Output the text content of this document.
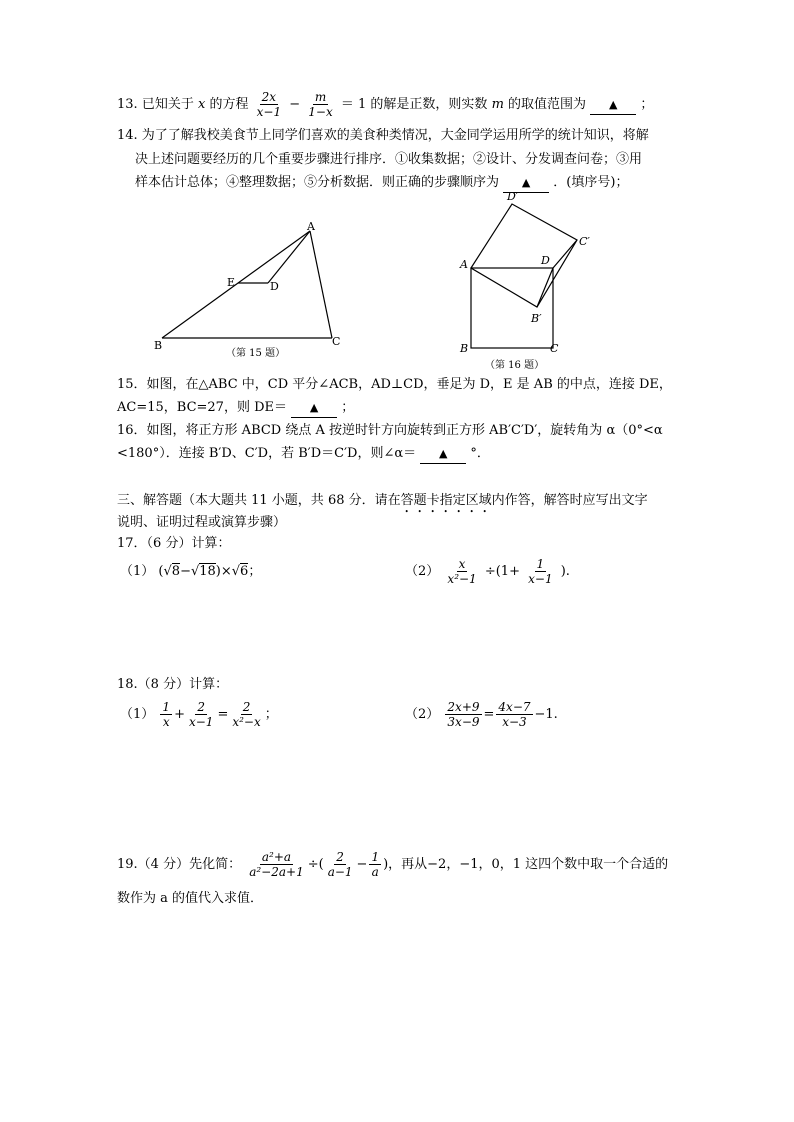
13. 已知关于 x 的方程 $\frac{2x}{x-1} - \frac{m}{1-x} = 1$ 的解是正数，则实数 m 的取值范围为 ▲ ；
14. 为了了解我校美食节上同学们喜欢的美食种类情况，大金同学运用所学的统计知识，将解
决上述问题要经历的几个重要步骤进行排序．①收集数据；②设计、分发调查问卷；③用
样本估计总体；④整理数据；⑤分析数据．则正确的步骤顺序为 ▲ ．(填序号)；
A
B	C
D
E
（第 15 题）
A
B	C
D
B′
C′
D′
（第 16 题）
15．如图，在△ABC 中，CD 平分∠ACB，AD⊥CD，垂足为 D，E 是 AB 的中点，连接 DE，
AC=15，BC=27，则 DE＝ ▲ ；
16．如图，将正方形 ABCD 绕点 A 按逆时针方向旋转到正方形 AB′C′D′，旋转角为 α（0°<α
<180°）．连接 B′D、C′D，若 B′D＝C′D，则∠α＝ ▲ °．
三、解答题（本大题共 11 小题，共 68 分．请在答题卡指定区域内作答，解答时应写出文字
说明、证明过程或演算步骤）
17．（6 分）计算：
（1） (√8−√18)×√6；	$(2) \frac{x}{\text{x²−1}} \div(1+ \frac{1}{x-1}$ ).
18.（8 分）计算：
$(1) \frac{1}{x} + \frac{2}{x-1} = \frac{2}{\text{x²−x}}$ ；	$(2) \frac{2x+9}{3x-9} = \frac{4x-7}{x-3} -1$.
19.（4 分）先化简： $\frac{\text{a²+a}}{\text{a²−2a+1}}$ ÷( $\frac{2}{a-1} - \frac{1}{a}$ )，再从−2，−1，0，1 这四个数中取一个合适的
数作为 a 的值代入求值．
